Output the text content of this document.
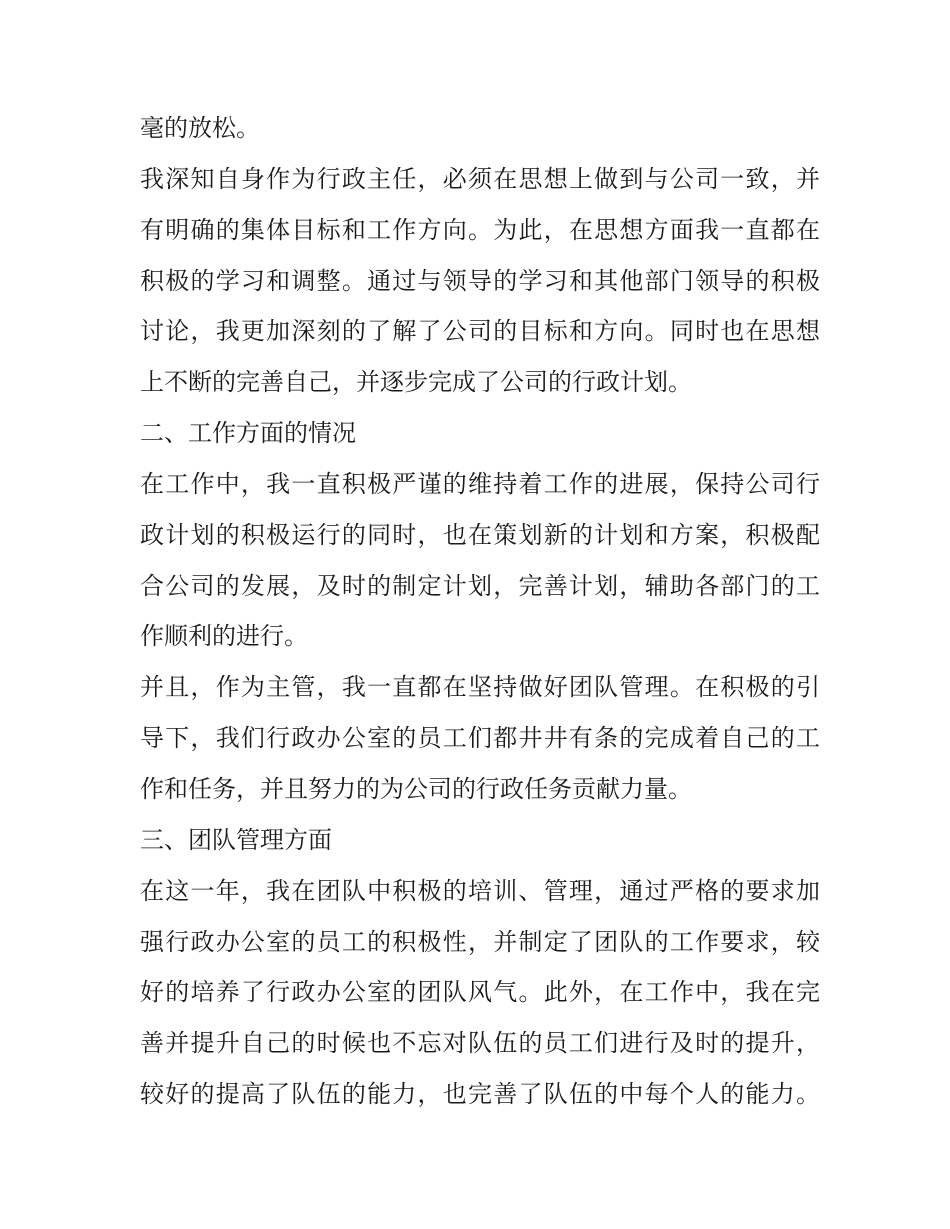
毫的放松。
我深知自身作为行政主任，必须在思想上做到与公司一致，并
有明确的集体目标和工作方向。为此，在思想方面我一直都在
积极的学习和调整。通过与领导的学习和其他部门领导的积极
讨论，我更加深刻的了解了公司的目标和方向。同时也在思想
上不断的完善自己，并逐步完成了公司的行政计划。
二、工作方面的情况
在工作中，我一直积极严谨的维持着工作的进展，保持公司行
政计划的积极运行的同时，也在策划新的计划和方案，积极配
合公司的发展，及时的制定计划，完善计划，辅助各部门的工
作顺利的进行。
并且，作为主管，我一直都在坚持做好团队管理。在积极的引
导下，我们行政办公室的员工们都井井有条的完成着自己的工
作和任务，并且努力的为公司的行政任务贡献力量。
三、团队管理方面
在这一年，我在团队中积极的培训、管理，通过严格的要求加
强行政办公室的员工的积极性，并制定了团队的工作要求，较
好的培养了行政办公室的团队风气。此外，在工作中，我在完
善并提升自己的时候也不忘对队伍的员工们进行及时的提升，
较好的提高了队伍的能力，也完善了队伍的中每个人的能力。
